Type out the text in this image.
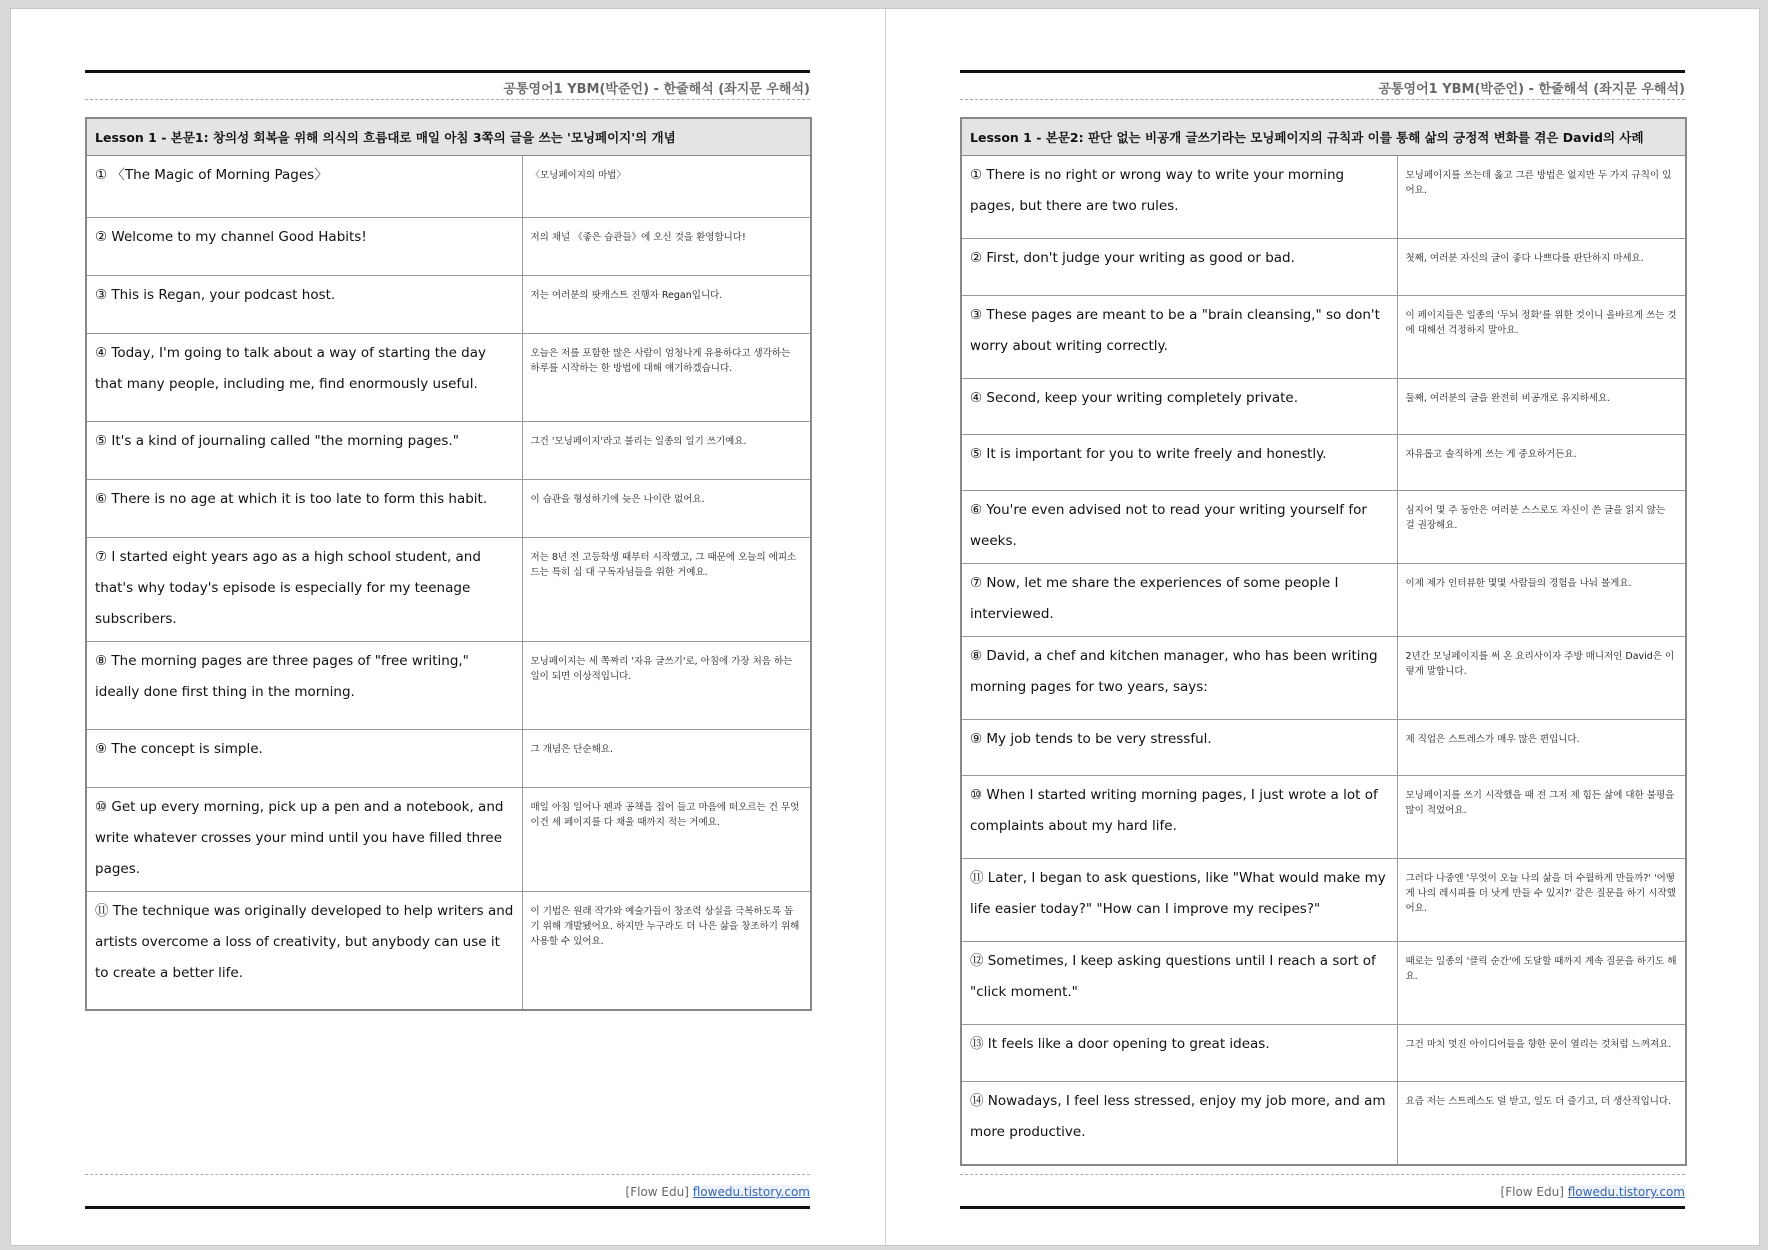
공통영어1 YBM(박준언) - 한줄해석 (좌지문 우해석)
Lesson 1 - 본문1: 창의성 회복을 위해 의식의 흐름대로 매일 아침 3쪽의 글을 쓰는 '모닝페이지'의 개념	
① 〈The Magic of Morning Pages〉	〈모닝페이지의 마법〉
② Welcome to my channel Good Habits!	저의 채널 《좋은 습관들》에 오신 것을 환영합니다!
③ This is Regan, your podcast host.	저는 여러분의 팟캐스트 진행자 Regan입니다.
④ Today, I'm going to talk about a way of starting the day that many people, including me, find enormously useful.	오늘은 저를 포함한 많은 사람이 엄청나게 유용하다고 생각하는 하루를 시작하는 한 방법에 대해 얘기하겠습니다.
⑤ It's a kind of journaling called "the morning pages."	그건 '모닝페이지'라고 불리는 일종의 일기 쓰기예요.
⑥ There is no age at which it is too late to form this habit.	이 습관을 형성하기에 늦은 나이란 없어요.
⑦ I started eight years ago as a high school student, and that's why today's episode is especially for my teenage subscribers.	저는 8년 전 고등학생 때부터 시작했고, 그 때문에 오늘의 에피소드는 특히 십 대 구독자님들을 위한 거예요.
⑧ The morning pages are three pages of "free writing," ideally done first thing in the morning.	모닝페이지는 세 쪽짜리 '자유 글쓰기'로, 아침에 가장 처음 하는 일이 되면 이상적입니다.
⑨ The concept is simple.	그 개념은 단순해요.
⑩ Get up every morning, pick up a pen and a notebook, and write whatever crosses your mind until you have filled three pages.	매일 아침 일어나 펜과 공책을 집어 들고 마음에 떠오르는 건 무엇이건 세 페이지를 다 채울 때까지 적는 거예요.
⑪ The technique was originally developed to help writers and artists overcome a loss of creativity, but anybody can use it to create a better life.	이 기법은 원래 작가와 예술가들이 창조력 상실을 극복하도록 돕기 위해 개발됐어요. 하지만 누구라도 더 나은 삶을 창조하기 위해 사용할 수 있어요.
[Flow Edu] flowedu.tistory.com
공통영어1 YBM(박준언) - 한줄해석 (좌지문 우해석)
Lesson 1 - 본문2: 판단 없는 비공개 글쓰기라는 모닝페이지의 규칙과 이를 통해 삶의 긍정적 변화를 겪은 David의 사례	
① There is no right or wrong way to write your morning pages, but there are two rules.	모닝페이지를 쓰는데 옳고 그른 방법은 없지만 두 가지 규칙이 있어요.
② First, don't judge your writing as good or bad.	첫째, 여러분 자신의 글이 좋다 나쁘다를 판단하지 마세요.
③ These pages are meant to be a "brain cleansing," so don't worry about writing correctly.	이 페이지들은 일종의 '두뇌 정화'를 위한 것이니 올바르게 쓰는 것에 대해선 걱정하지 말아요.
④ Second, keep your writing completely private.	둘째, 여러분의 글을 완전히 비공개로 유지하세요.
⑤ It is important for you to write freely and honestly.	자유롭고 솔직하게 쓰는 게 중요하거든요.
⑥ You're even advised not to read your writing yourself for weeks.	심지어 몇 주 동안은 여러분 스스로도 자신이 쓴 글을 읽지 않는 걸 권장해요.
⑦ Now, let me share the experiences of some people I interviewed.	이제 제가 인터뷰한 몇몇 사람들의 경험을 나눠 볼게요.
⑧ David, a chef and kitchen manager, who has been writing morning pages for two years, says:	2년간 모닝페이지를 써 온 요리사이자 주방 매니저인 David은 이렇게 말합니다.
⑨ My job tends to be very stressful.	제 직업은 스트레스가 매우 많은 편입니다.
⑩ When I started writing morning pages, I just wrote a lot of complaints about my hard life.	모닝페이지를 쓰기 시작했을 때 전 그저 제 힘든 삶에 대한 불평을 많이 적었어요.
⑪ Later, I began to ask questions, like "What would make my life easier today?" "How can I improve my recipes?"	그러다 나중엔 '무엇이 오늘 나의 삶을 더 수월하게 만들까?' '어떻게 나의 레시피를 더 낫게 만들 수 있지?' 같은 질문을 하기 시작했어요.
⑫ Sometimes, I keep asking questions until I reach a sort of "click moment."	때로는 일종의 '클릭 순간'에 도달할 때까지 계속 질문을 하기도 해요.
⑬ It feels like a door opening to great ideas.	그건 마치 멋진 아이디어들을 향한 문이 열리는 것처럼 느껴져요.
⑭ Nowadays, I feel less stressed, enjoy my job more, and am more productive.	요즘 저는 스트레스도 덜 받고, 일도 더 즐기고, 더 생산적입니다.
[Flow Edu] flowedu.tistory.com
